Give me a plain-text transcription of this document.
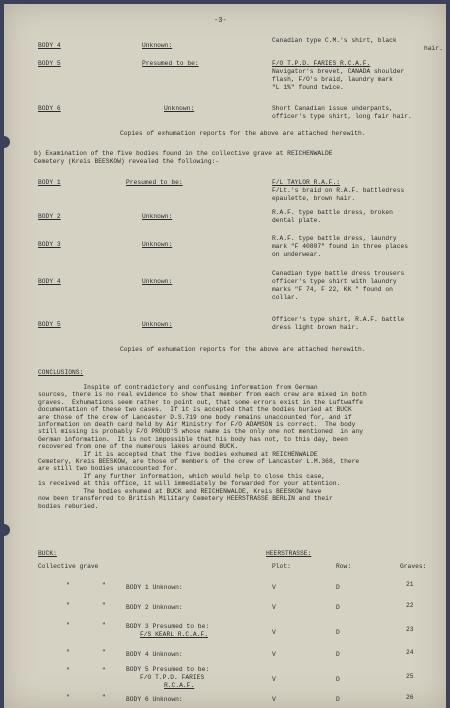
-3-
BODY 4	Unknown:
Canadian type C.M.'s shirt, black
hair.
BODY 5	Presumed to be:	F/O T.P.D. FARIES R.C.A.F.
Navigator's brevet, CANADA shoulder
flash, F/O's braid, laundry mark
"L 1%" found twice.
BODY 6	Unknown:	Short Canadian issue underpants,
officer's type shirt, long fair hair.
Copies of exhumation reports for the above are attached herewith.
b) Examination of the five bodies found in the collective grave at REICHENWALDE
Cemetery (Kreis BEESKOW) revealed the following:-
BODY 1	Presumed to be:	F/L TAYLOR R.A.F.:
F/Lt.'s braid on R.A.F. battledress
epaulette, brown hair.
BODY 2	Unknown:
R.A.F. type battle dress, broken
dental plate.
BODY 3	Unknown:
R.A.F. type battle dress, laundry
mark "F 40807" found in three places
on underwear.
BODY 4	Unknown:
Canadian type battle dress trousers
officer's type shirt with laundry
marks "F 74, F 22, KK " found on
collar.
BODY 5	Unknown:
Officer's type shirt, R.A.F. battle
dress light brown hair.
Copies of exhumation reports for the above are attached herewith.
CONCLUSIONS:
Inspite of contradictory and confusing information from German
sources, there is no real evidence to show that member from each crew are mixed in both
graves.  Exhumations seem rather to point out, that some errors exist in the Luftwaffe
documentation of these two cases.  If it is accepted that the bodies buried at BUCK
are those of the crew of Lancaster D.S.719 one body remains unaccounted for, and if
information on death card held by Air Ministry for F/O ADAMSON is correct.  The body
still missing is probably F/O PROUD'S whose name is the only one not mentioned  in any
German information.  It is not impossible that his body has not, to this day, been
recovered from one of the numerous lakes around BUCK.
If it is accepted that the five bodies exhumed at REICHENWALDE
Cemetery, Kreis BEESKOW, are those of members of the crew of Lancaster L.M.368, there
are still two bodies unaccounted for.
If any further information, which would help to close this case,
is received at this office, it will immediately be forwarded for your attention.
The bodies exhumed at BUCK and REICHENWALDE, Kreis BEESKOW have
now been transferred to British Military Cemetery HEERSTRASSE BERLIN and their
bodies reburied.
BUCK:	HEERSTRASSE:
Collective grave	Plot:	Row:	Graves:
"	"	BODY 1 Unknown:	V	D	21
"	"	BODY 2 Unknown:	V	D	22
"	"	BODY 3 Presumed to be:
F/S KEARL R.C.A.F.	V	D	23
"	"	BODY 4 Unknown:	V	D	24
"	"	BODY 5 Presumed to be:
F/O T.P.D. FARIES
R.C.A.F.
V	D	25
"	"	BODY 6 Unknown:	V	D	26
